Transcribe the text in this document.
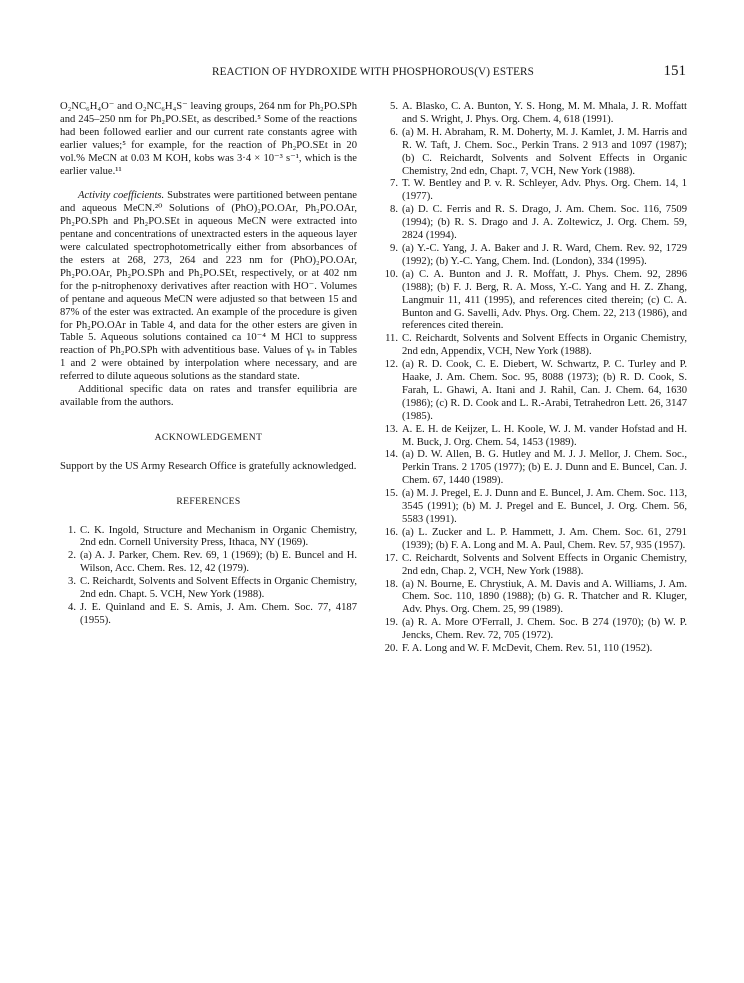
REACTION OF HYDROXIDE WITH PHOSPHOROUS(V) ESTERS	151

O₂NC₆H₄O⁻ and O₂NC₆H₄S⁻ leaving groups, 264 nm for Ph₂PO.SPh and 245–250 nm for Ph₂PO.SEt, as described.⁵ Some of the reactions had been followed earlier and our current rate constants agree with earlier values;⁵ for example, for the reaction of Ph₂PO.SEt in 20 vol.% MeCN at 0.03 M KOH, kobs was 3·4 × 10⁻³ s⁻¹, which is the earlier value.¹¹

Activity coefficients. Substrates were partitioned between pentane and aqueous MeCN.²⁰ Solutions of (PhO)₂PO.OAr, Ph₂PO.OAr, Ph₂PO.SPh and Ph₂PO.SEt in aqueous MeCN were extracted into pentane and concentrations of unextracted esters in the aqueous layer were calculated spectrophotometrically either from absorbances of the esters at 268, 273, 264 and 223 nm for (PhO)₂PO.OAr, Ph₂PO.OAr, Ph₂PO.SPh and Ph₂PO.SEt, respectively, or at 402 nm for the p-nitrophenoxy derivatives after reaction with HO⁻. Volumes of pentane and aqueous MeCN were adjusted so that between 15 and 87% of the ester was extracted. An example of the procedure is given for Ph₂PO.OAr in Table 4, and data for the other esters are given in Table 5. Aqueous solutions contained ca 10⁻⁴ M HCl to suppress reaction of Ph₂PO.SPh with adventitious base. Values of γₛ in Tables 1 and 2 were obtained by interpolation where necessary, and are referred to dilute aqueous solutions as the standard state.

Additional specific data on rates and transfer equilibria are available from the authors.

ACKNOWLEDGEMENT

Support by the US Army Research Office is gratefully acknowledged.

REFERENCES
1. C. K. Ingold, Structure and Mechanism in Organic Chemistry, 2nd edn. Cornell University Press, Ithaca, NY (1969).
2. (a) A. J. Parker, Chem. Rev. 69, 1 (1969); (b) E. Buncel and H. Wilson, Acc. Chem. Res. 12, 42 (1979).
3. C. Reichardt, Solvents and Solvent Effects in Organic Chemistry, 2nd edn. Chapt. 5. VCH, New York (1988).
4. J. E. Quinland and E. S. Amis, J. Am. Chem. Soc. 77, 4187 (1955).
5. A. Blasko, C. A. Bunton, Y. S. Hong, M. M. Mhala, J. R. Moffatt and S. Wright, J. Phys. Org. Chem. 4, 618 (1991).
6. (a) M. H. Abraham, R. M. Doherty, M. J. Kamlet, J. M. Harris and R. W. Taft, J. Chem. Soc., Perkin Trans. 2 913 and 1097 (1987); (b) C. Reichardt, Solvents and Solvent Effects in Organic Chemistry, 2nd edn, Chapt. 7, VCH, New York (1988).
7. T. W. Bentley and P. v. R. Schleyer, Adv. Phys. Org. Chem. 14, 1 (1977).
8. (a) D. C. Ferris and R. S. Drago, J. Am. Chem. Soc. 116, 7509 (1994); (b) R. S. Drago and J. A. Zoltewicz, J. Org. Chem. 59, 2824 (1994).
9. (a) Y.-C. Yang, J. A. Baker and J. R. Ward, Chem. Rev. 92, 1729 (1992); (b) Y.-C. Yang, Chem. Ind. (London), 334 (1995).
10. (a) C. A. Bunton and J. R. Moffatt, J. Phys. Chem. 92, 2896 (1988); (b) F. J. Berg, R. A. Moss, Y.-C. Yang and H. Z. Zhang, Langmuir 11, 411 (1995), and references cited therein; (c) C. A. Bunton and G. Savelli, Adv. Phys. Org. Chem. 22, 213 (1986), and references cited therein.
11. C. Reichardt, Solvents and Solvent Effects in Organic Chemistry, 2nd edn, Appendix, VCH, New York (1988).
12. (a) R. D. Cook, C. E. Diebert, W. Schwartz, P. C. Turley and P. Haake, J. Am. Chem. Soc. 95, 8088 (1973); (b) R. D. Cook, S. Farah, L. Ghawi, A. Itani and J. Rahil, Can. J. Chem. 64, 1630 (1986); (c) R. D. Cook and L. R.-Arabi, Tetrahedron Lett. 26, 3147 (1985).
13. A. E. H. de Keijzer, L. H. Koole, W. J. M. vander Hofstad and H. M. Buck, J. Org. Chem. 54, 1453 (1989).
14. (a) D. W. Allen, B. G. Hutley and M. J. J. Mellor, J. Chem. Soc., Perkin Trans. 2 1705 (1977); (b) E. J. Dunn and E. Buncel, Can. J. Chem. 67, 1440 (1989).
15. (a) M. J. Pregel, E. J. Dunn and E. Buncel, J. Am. Chem. Soc. 113, 3545 (1991); (b) M. J. Pregel and E. Buncel, J. Org. Chem. 56, 5583 (1991).
16. (a) L. Zucker and L. P. Hammett, J. Am. Chem. Soc. 61, 2791 (1939); (b) F. A. Long and M. A. Paul, Chem. Rev. 57, 935 (1957).
17. C. Reichardt, Solvents and Solvent Effects in Organic Chemistry, 2nd edn, Chap. 2, VCH, New York (1988).
18. (a) N. Bourne, E. Chrystiuk, A. M. Davis and A. Williams, J. Am. Chem. Soc. 110, 1890 (1988); (b) G. R. Thatcher and R. Kluger, Adv. Phys. Org. Chem. 25, 99 (1989).
19. (a) R. A. More O'Ferrall, J. Chem. Soc. B 274 (1970); (b) W. P. Jencks, Chem. Rev. 72, 705 (1972).
20. F. A. Long and W. F. McDevit, Chem. Rev. 51, 110 (1952).
